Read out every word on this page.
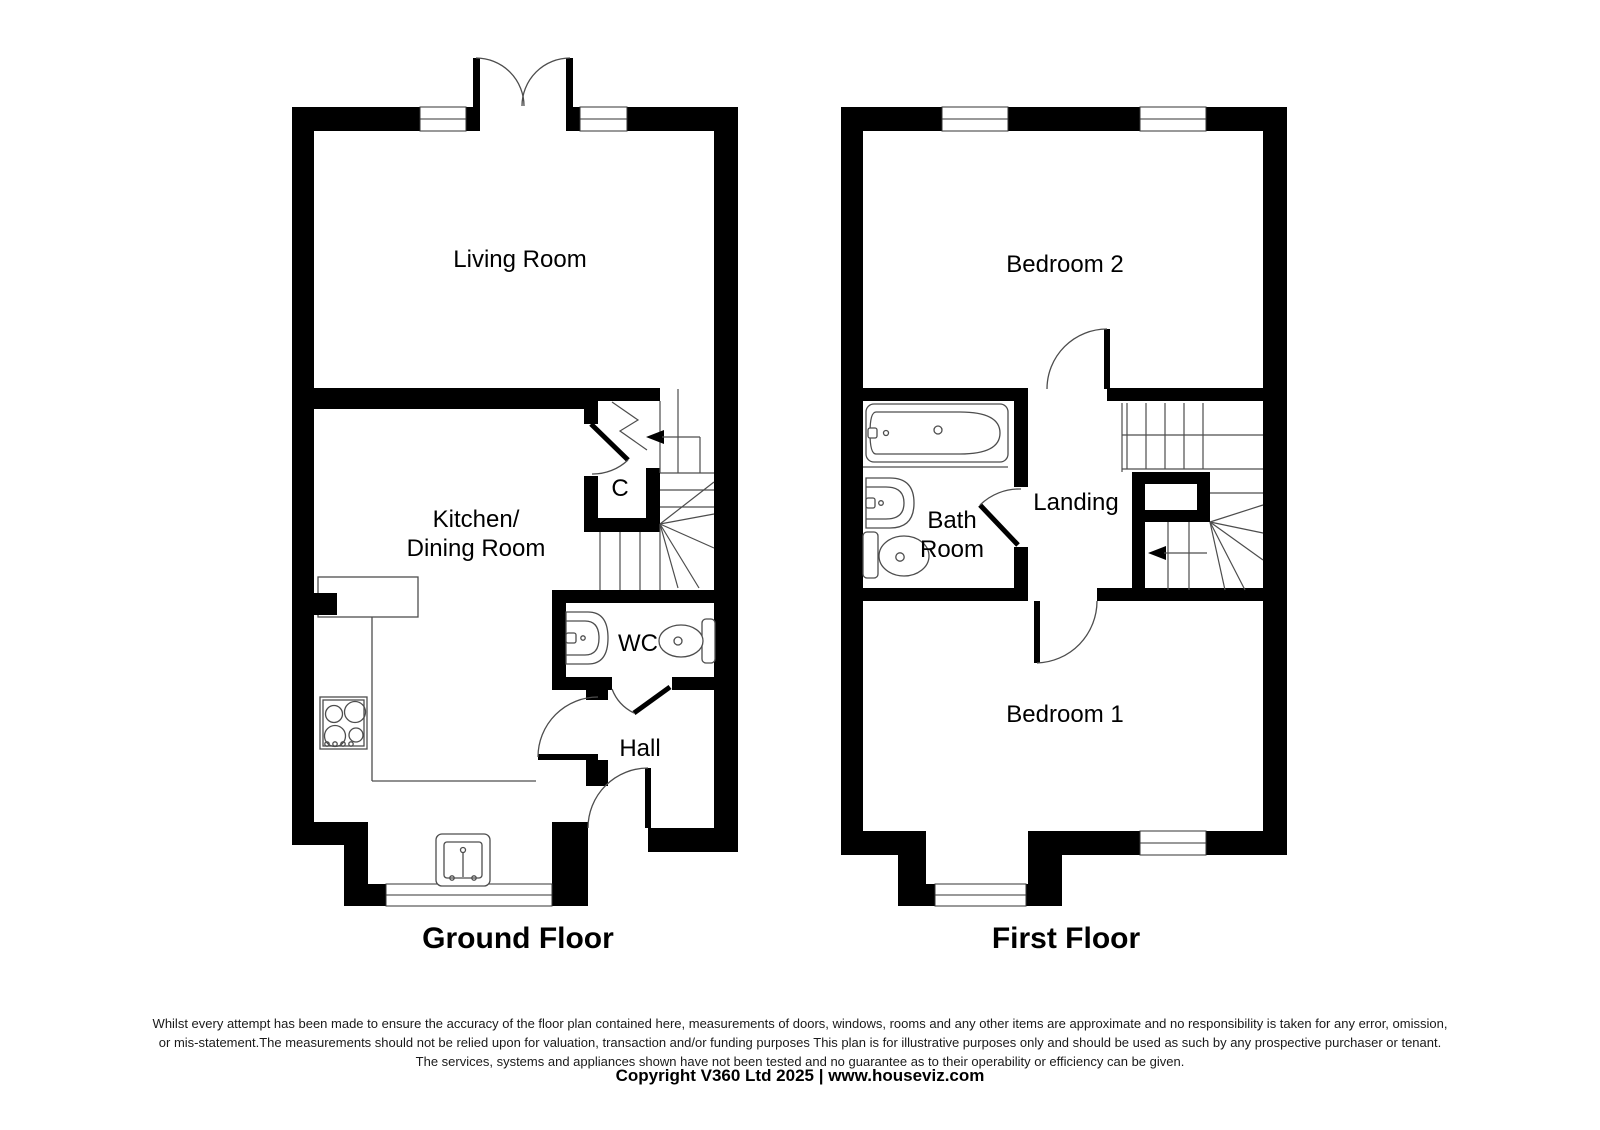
Living Room
Kitchen/
Dining Room
C
WC
Hall
Ground Floor
Bedroom 2
Bath
Room
Landing
Bedroom 1
First Floor
Whilst every attempt has been made to ensure the accuracy of the floor plan contained here, measurements of doors, windows, rooms and any other items are approximate and no responsibility is taken for any error, omission,
or mis-statement.The measurements should not be relied upon for valuation, transaction and/or funding purposes This plan is for illustrative purposes only and should be used as such by any prospective purchaser or tenant.
The services, systems and appliances shown have not been tested and no guarantee as to their operability or efficiency can be given.
Copyright V360 Ltd 2025 | www.houseviz.com
